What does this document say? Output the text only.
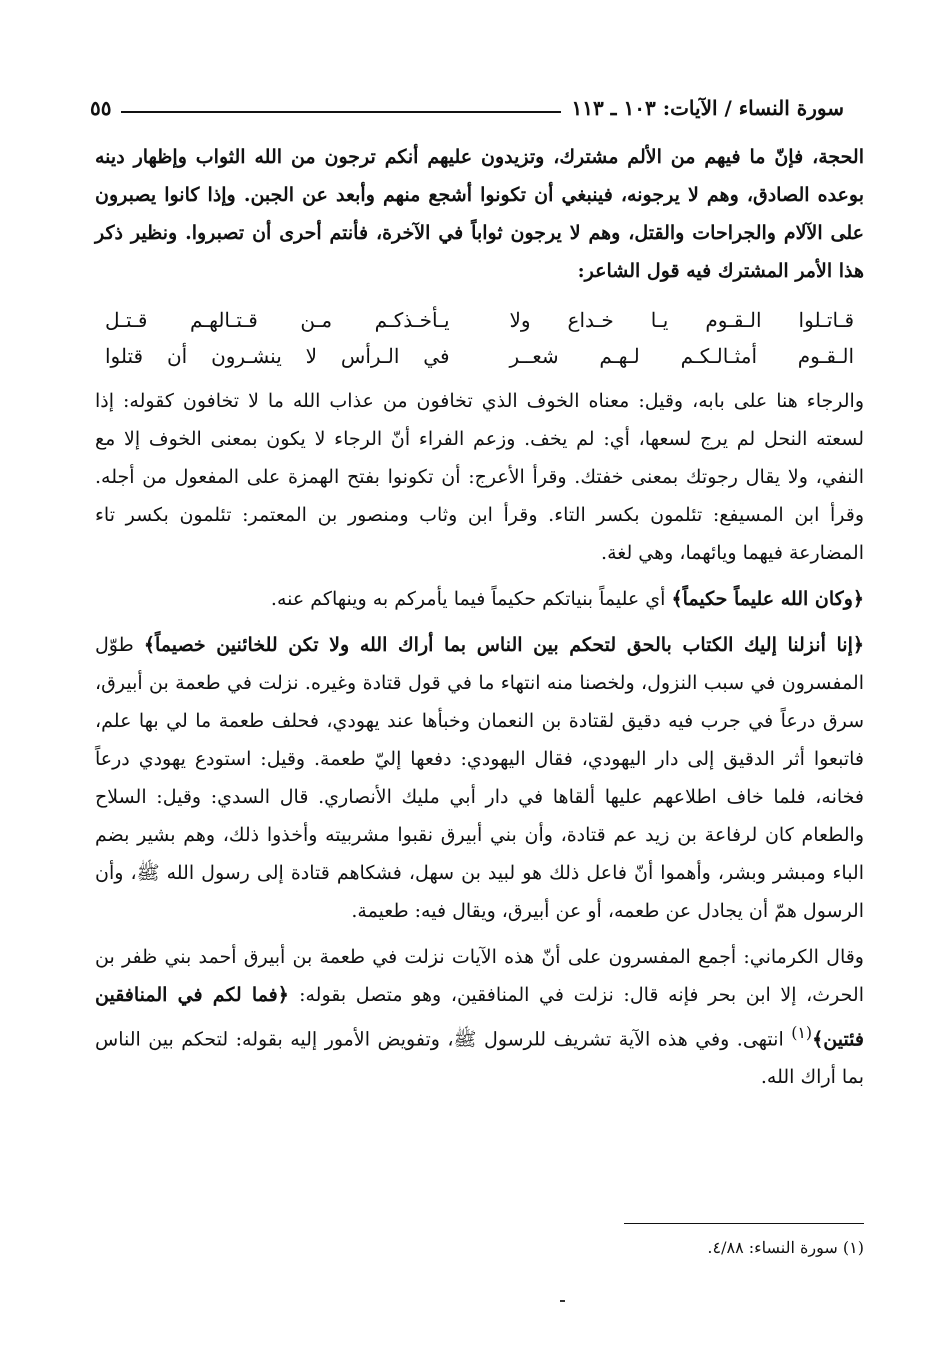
سورة النساء / الآيات: ١٠٣ ـ ١١٣
٥٥

الحجة، فإنّ ما فيهم من الألم مشترك، وتزيدون عليهم أنكم ترجون من الله الثواب وإظهار دينه بوعده الصادق، وهم لا يرجونه، فينبغي أن تكونوا أشجع منهم وأبعد عن الجبن. وإذا كانوا يصبرون على الآلام والجراحات والقتل، وهم لا يرجون ثواباً في الآخرة، فأنتم أحرى أن تصبروا. ونظير ذكر هذا الأمر المشترك فيه قول الشاعر:

قـاتـلوا الـقـوم يـا خـداع ولا
يـأخـذكـم مـن قـتـالهـم قـتـل
الـقـوم أمثـالـكـم لـهـم شعــر
في الـرأس لا ينشـرون أن قتلوا

والرجاء هنا على بابه، وقيل: معناه الخوف الذي تخافون من عذاب الله ما لا تخافون كقوله: إذا لسعته النحل لم يرج لسعها، أي: لم يخف. وزعم الفراء أنّ الرجاء لا يكون بمعنى الخوف إلا مع النفي، ولا يقال رجوتك بمعنى خفتك. وقرأ الأعرج: أن تكونوا بفتح الهمزة على المفعول من أجله. وقرأ ابن المسيفع: تئلمون بكسر التاء. وقرأ ابن وثاب ومنصور بن المعتمر: تئلمون بكسر تاء المضارعة فيهما ويائهما، وهي لغة.

﴿وكان الله عليماً حكيماً﴾ أي عليماً بنياتكم حكيماً فيما يأمركم به وينهاكم عنه.

﴿إنا أنزلنا إليك الكتاب بالحق لتحكم بين الناس بما أراك الله ولا تكن للخائنين خصيماً﴾ طوّل المفسرون في سبب النزول، ولخصنا منه انتهاء ما في قول قتادة وغيره. نزلت في طعمة بن أبيرق، سرق درعاً في جرب فيه دقيق لقتادة بن النعمان وخبأها عند يهودي، فحلف طعمة ما لي بها علم، فاتبعوا أثر الدقيق إلى دار اليهودي، فقال اليهودي: دفعها إليّ طعمة. وقيل: استودع يهودي درعاً فخانه، فلما خاف اطلاعهم عليها ألقاها في دار أبي مليك الأنصاري. قال السدي: وقيل: السلاح والطعام كان لرفاعة بن زيد عم قتادة، وأن بني أبيرق نقبوا مشربيته وأخذوا ذلك، وهم بشير بضم الباء ومبشر وبشر، وأهموا أنّ فاعل ذلك هو لبيد بن سهل، فشكاهم قتادة إلى رسول الله ﷺ، وأن الرسول همّ أن يجادل عن طعمه، أو عن أبيرق، ويقال فيه: طعيمة.

وقال الكرماني: أجمع المفسرون على أنّ هذه الآيات نزلت في طعمة بن أبيرق أحمد بني ظفر بن الحرث، إلا ابن بحر فإنه قال: نزلت في المنافقين، وهو متصل بقوله: ﴿فما لكم في المنافقين فئتين﴾$^{(١)}$ انتهى. وفي هذه الآية تشريف للرسول ﷺ، وتفويض الأمور إليه بقوله: لتحكم بين الناس بما أراك الله.

(١) سورة النساء: ٤/٨٨.
